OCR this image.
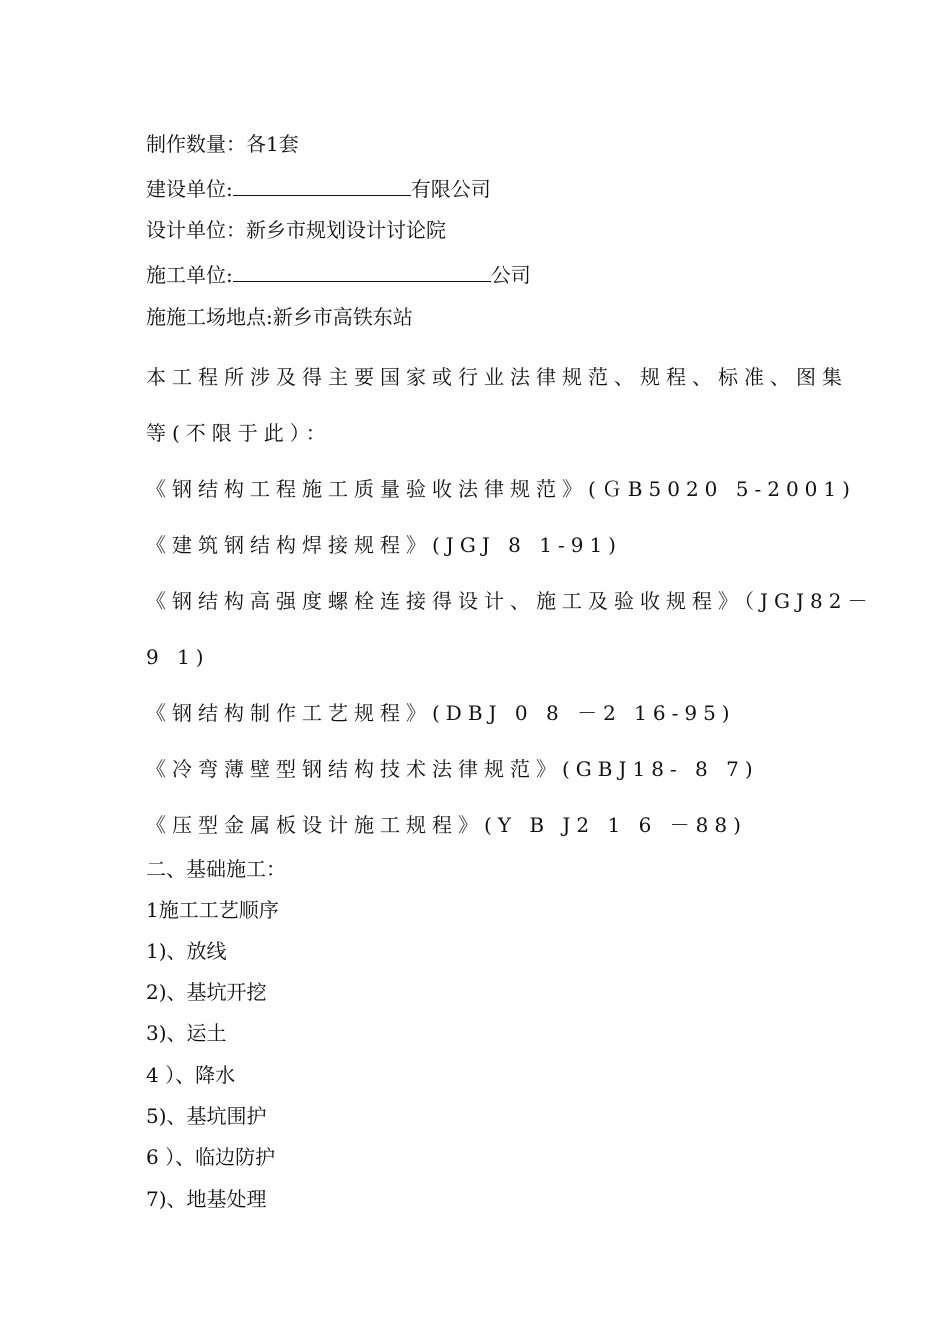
制作数量：各1套
建设单位:	有限公司
设计单位：新乡市规划设计讨论院
施工单位:	公司
施施工场地点:新乡市高铁东站
本工程所涉及得主要国家或行业法律规范、规程、标准、图集
等(不限于此）：
《钢结构工程施工质量验收法律规范》(ＧB5020 5-2001)
《建筑钢结构焊接规程》(JGJ 8 1-91)
《钢结构高强度螺栓连接得设计、施工及验收规程》（JGJ82－
9 1)
《钢结构制作工艺规程》(DBJ 0 8 －2 16-95)
《冷弯薄壁型钢结构技术法律规范》(GBJ18- 8 7)
《压型金属板设计施工规程》(Y B J2 1 6 －88)
二、基础施工：
1施工工艺顺序
1)、放线
2)、基坑开挖
3)、运土
4 ）、降水
5)、基坑围护
6 ）、临边防护
7)、地基处理
